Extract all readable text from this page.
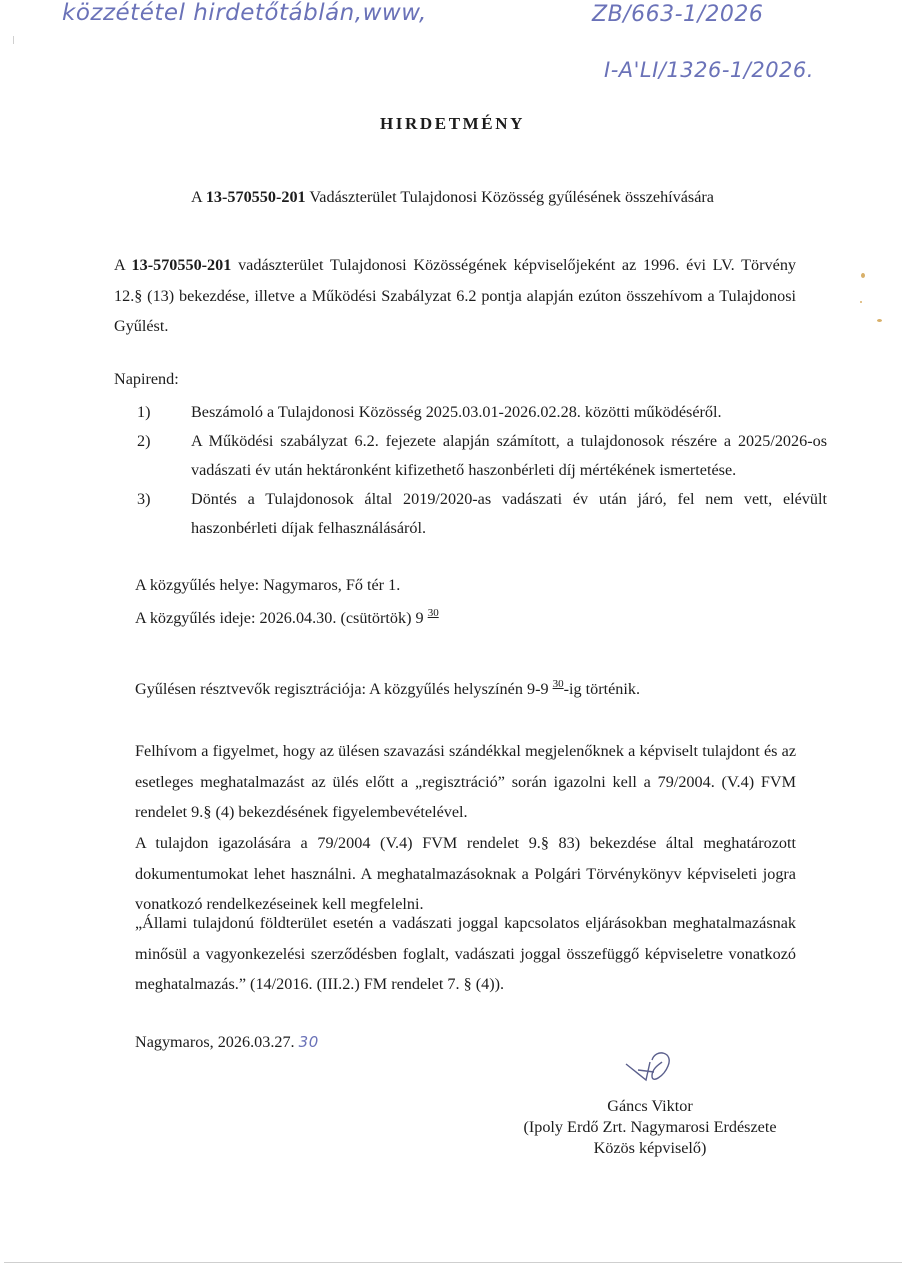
közzététel hirdetőtáblán,www,	ZB/663-1/2026
I-A'LI/1326-1/2026.
HIRDETMÉNY
A 13-570550-201 Vadászterület Tulajdonosi Közösség gyűlésének összehívására
A 13-570550-201 vadászterület Tulajdonosi Közösségének képviselőjeként az 1996. évi LV. Törvény 12.§ (13) bekezdése, illetve a Működési Szabályzat 6.2 pontja alapján ezúton összehívom a Tulajdonosi Gyűlést.
Napirend:
1)	Beszámoló a Tulajdonosi Közösség 2025.03.01-2026.02.28. közötti működéséről.
2)	A Működési szabályzat 6.2. fejezete alapján számított, a tulajdonosok részére a 2025/2026-os vadászati év után hektáronként kifizethető haszonbérleti díj mértékének ismertetése.
3)	Döntés a Tulajdonosok által 2019/2020-as vadászati év után járó, fel nem vett, elévült haszonbérleti díjak felhasználásáról.
A közgyűlés helye: Nagymaros, Fő tér 1.
A közgyűlés ideje: 2026.04.30. (csütörtök) 9 $^{30}$
Gyűlésen résztvevők regisztrációja: A közgyűlés helyszínén 9-9 $^{30}$-ig történik.
Felhívom a figyelmet, hogy az ülésen szavazási szándékkal megjelenőknek a képviselt tulajdont és az esetleges meghatalmazást az ülés előtt a „regisztráció” során igazolni kell a 79/2004. (V.4) FVM rendelet 9.§ (4) bekezdésének figyelembevételével.
A tulajdon igazolására a 79/2004 (V.4) FVM rendelet 9.§ 83) bekezdése által meghatározott dokumentumokat lehet használni. A meghatalmazásoknak a Polgári Törvénykönyv képviseleti jogra vonatkozó rendelkezéseinek kell megfelelni.
„Állami tulajdonú földterület esetén a vadászati joggal kapcsolatos eljárásokban meghatalmazásnak minősül a vagyonkezelési szerződésben foglalt, vadászati joggal összefüggő képviseletre vonatkozó meghatalmazás.” (14/2016. (III.2.) FM rendelet 7. § (4)).
Nagymaros, 2026.03.27. 30
Gáncs Viktor
(Ipoly Erdő Zrt. Nagymarosi Erdészete
Közös képviselő)
